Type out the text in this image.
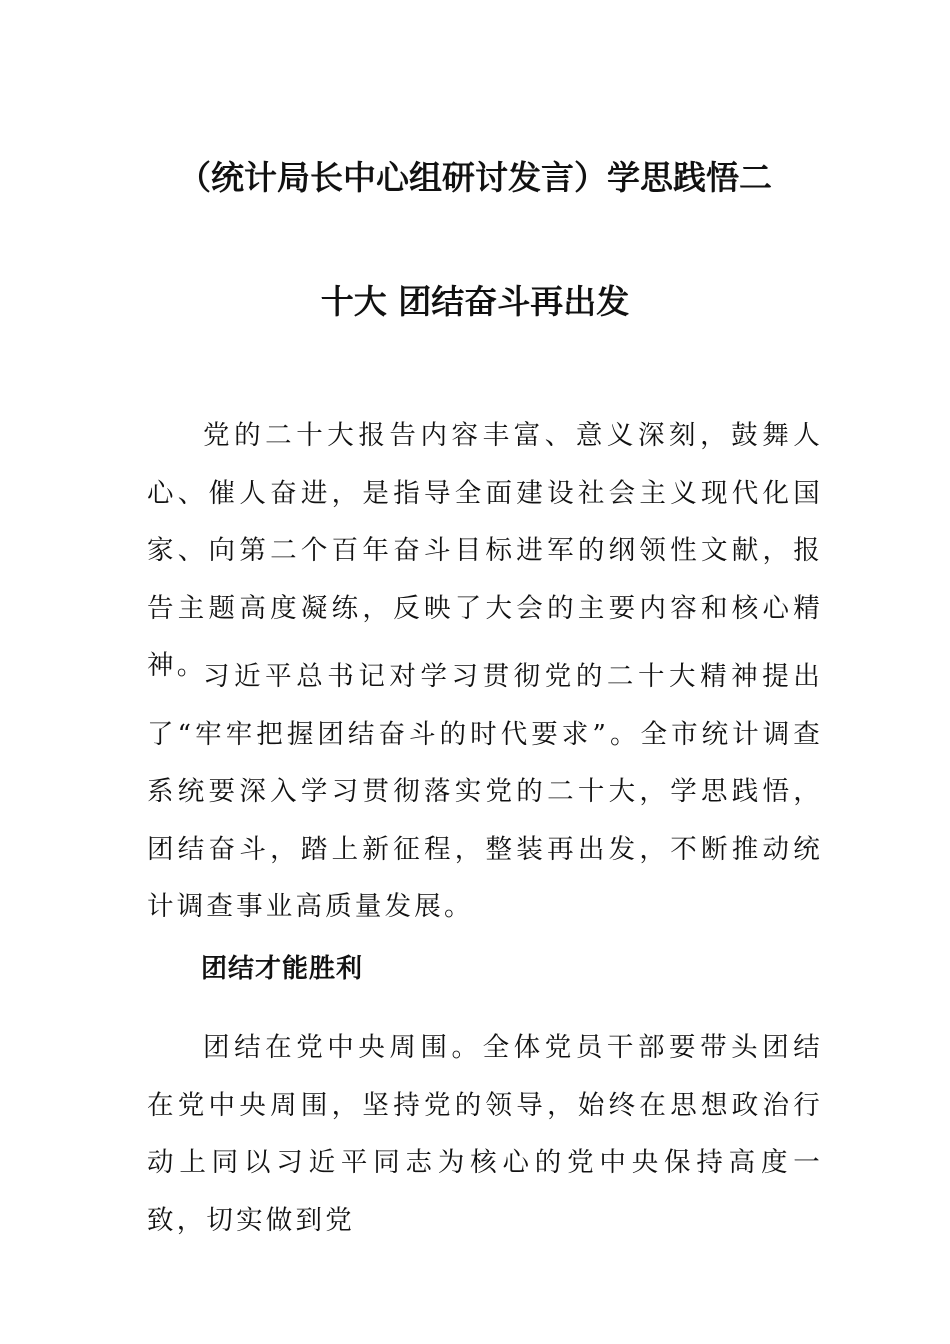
（统计局长中心组研讨发言）学思践悟二
十大 团结奋斗再出发

党的二十大报告内容丰富、意义深刻，鼓舞人心、催人奋进，是指导全面建设社会主义现代化国家、向第二个百年奋斗目标进军的纲领性文献，报告主题高度凝练，反映了大会的主要内容和核心精神。

习近平总书记对学习贯彻党的二十大精神提出了“牢牢把握团结奋斗的时代要求”。全市统计调查系统要深入学习贯彻落实党的二十大，学思践悟，团结奋斗，踏上新征程，整装再出发，不断推动统计调查事业高质量发展。

团结才能胜利

团结在党中央周围。全体党员干部要带头团结在党中央周围，坚持党的领导，始终在思想政治行动上同以习近平同志为核心的党中央保持高度一致，切实做到党
